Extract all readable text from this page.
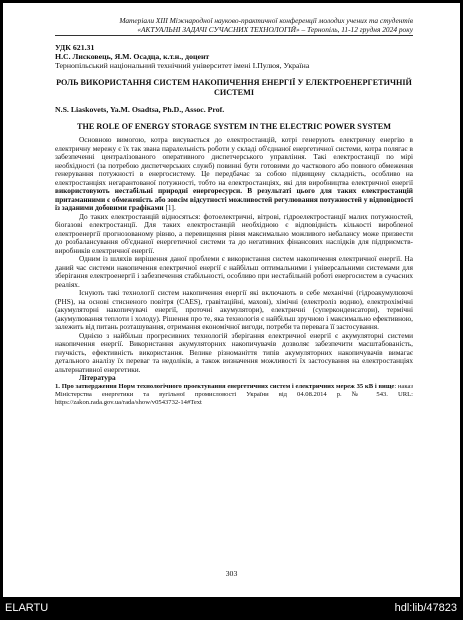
Матеріали XIII Міжнародної науково-практичної конференції молодих учених та студентів
«АКТУАЛЬНІ ЗАДАЧІ СУЧАСНИХ ТЕХНОЛОГІЙ» – Тернопіль, 11-12 грудня 2024 року
УДК 621.31
Н.С. Лисковець, Я.М. Осадца, к.т.н., доцент
Тернопільський національний технічний університет імені І.Пулюя, Україна
РОЛЬ ВИКОРИСТАННЯ СИСТЕМ НАКОПИЧЕННЯ ЕНЕРГІЇ У ЕЛЕКТРОЕНЕРГЕТИЧНІЙ СИСТЕМІ
N.S. Liaskovets, Ya.M. Osadtsa, Ph.D., Assoc. Prof.
THE ROLE OF ENERGY STORAGE SYSTEM IN THE ELECTRIC POWER SYSTEM

Основною вимогою, котра висувається до електростанцій, котрі генерують електричну енергію в електричну мережу є їх так звана паралельність роботи у складі об'єднаної енергетичної системи, котра полягає в забезпеченні централізованого оперативного диспетчерського управління. Такі електростанції по мірі необхідності (за потребою диспетчерських служб) повинні бути готовими до часткового або повного обмеження генерування потужності в енергосистему. Це передбачає за собою підвищену складність, особливо на електростанціях негарантованої потужності, тобто на електростанціях, які для виробництва електричної енергії використовують нестабільні природні енергоресурси. В результаті цього для таких електростанцій притаманними є обмеженість або зовсім відсутності можливостей регулювання потужностей у відповідності із заданими добовими графіками [1].

До таких електростанцій відносяться: фотоелектричні, вітрові, гідроелектростанції малих потужностей, біогазові електростанції. Для таких електростанцій необхідною є відповідність кількості виробленої електроенергії прогнозованому рівню, а перевищення рівня максимально можливого небалансу може призвести до розбалансування об'єднаної енергетичної системи та до негативних фінансових наслідків для підприємств-виробників електричної енергії.

Одним із шляхів вирішення даної проблеми є використання систем накопичення електричної енергії. На даний час системи накопичення електричної енергії є найбільш оптимальними і універсальними системами для зберігання електроенергії і забезпечення стабільності, особливо при нестабільній роботі енергосистем в сучасних реаліях.

Існують такі технології систем накопичення енергії які включають в себе механічні (гідроакумулюючі (PHS), на основі стисненого повітря (CAES), гравітаційні, махові), хімічні (електроліз водню), електрохімічні (акумуляторні накопичувачі енергії, проточні акумулятори), електричні (суперконденсатори), термічні (акумулювання теплоти і холоду). Рішення про те, яка технологія є найбільш зручною і максимально ефективною, залежить від питань розташування, отримання економічної вигоди, потреби та перевага її застосування.

Однією з найбільш прогресивних технологій зберігання електричної енергії є акумуляторні системи накопичення енергії. Використання акумуляторних накопичувачів дозволяє забезпечити масштабованість, гнучкість, ефективність використання. Велике різноманіття типів акумуляторних накопичувачів вимагає детального аналізу їх переваг та недоліків, а також визначення можливості їх застосування на електростанціях альтернативної енергетики.

Література

1. Про затвердження Норм технологічного проектування енергетичних систем і електричних мереж 35 кВ і вище: наказ Міністерства енергетики та вугільної промисловості України від 04.08.2014 р. № 543. URL: https://zakon.rada.gov.ua/rada/show/v0543732-14#Text

303
ELARTU	hdl:lib/47823
